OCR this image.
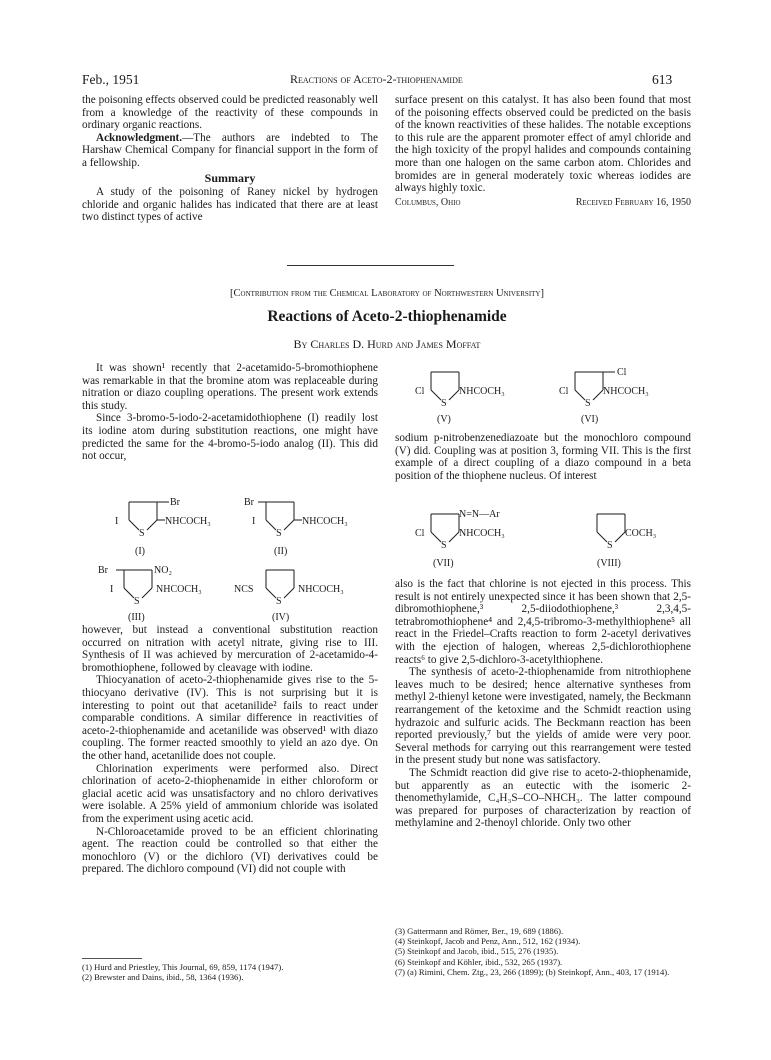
Feb., 1951	Reactions of Aceto-2-thiophenamide	613

the poisoning effects observed could be predicted reasonably well from a knowledge of the reactivity of these compounds in ordinary organic reactions.

Acknowledgment.—The authors are indebted to The Harshaw Chemical Company for financial support in the form of a fellowship.

Summary

A study of the poisoning of Raney nickel by hydrogen chloride and organic halides has indicated that there are at least two distinct types of active

surface present on this catalyst. It has also been found that most of the poisoning effects observed could be predicted on the basis of the known reactivities of these halides. The notable exceptions to this rule are the apparent promoter effect of amyl chloride and the high toxicity of the propyl halides and compounds containing more than one halogen on the same carbon atom. Chlorides and bromides are in general moderately toxic whereas iodides are always highly toxic.

Columbus, Ohio	Received February 16, 1950
[Contribution from the Chemical Laboratory of Northwestern University]
Reactions of Aceto-2-thiophenamide
By Charles D. Hurd and James Moffat

It was shown¹ recently that 2-acetamido-5-bromothiophene was remarkable in that the bromine atom was replaceable during nitration or diazo coupling operations. The present work extends this study.

Since 3-bromo-5-iodo-2-acetamidothiophene (I) readily lost its iodine atom during substitution reactions, one might have predicted the same for the 4-bromo-5-iodo analog (II). This did not occur,

S
Br
I	NHCOCH₃
(I)
S
Br
I	NHCOCH₃
(II)
S
NO₂
Br
I	NHCOCH₃
(III)
S
NCS	NHCOCH₃
(IV)

however, but instead a conventional substitution reaction occurred on nitration with acetyl nitrate, giving rise to III. Synthesis of II was achieved by mercuration of 2-acetamido-4-bromothiophene, followed by cleavage with iodine.

Thiocyanation of aceto-2-thiophenamide gives rise to the 5-thiocyano derivative (IV). This is not surprising but it is interesting to point out that acetanilide² fails to react under comparable conditions. A similar difference in reactivities of aceto-2-thiophenamide and acetanilide was observed¹ with diazo coupling. The former reacted smoothly to yield an azo dye. On the other hand, acetanilide does not couple.

Chlorination experiments were performed also. Direct chlorination of aceto-2-thiophenamide in either chloroform or glacial acetic acid was unsatisfactory and no chloro derivatives were isolable. A 25% yield of ammonium chloride was isolated from the experiment using acetic acid.

N-Chloroacetamide proved to be an efficient chlorinating agent. The reaction could be controlled so that either the monochloro (V) or the dichloro (VI) derivatives could be prepared. The dichloro compound (VI) did not couple with

(1) Hurd and Priestley, This Journal, 69, 859, 1174 (1947).
(2) Brewster and Dains, ibid., 58, 1364 (1936).
S
Cl	NHCOCH₃
(V)
S
Cl
Cl	NHCOCH₃
(VI)

sodium p-nitrobenzenediazoate but the monochloro compound (V) did. Coupling was at position 3, forming VII. This is the first example of a direct coupling of a diazo compound in a beta position of the thiophene nucleus. Of interest

S
N=N—Ar
Cl	NHCOCH₃
(VII)
S
COCH₃
(VIII)

also is the fact that chlorine is not ejected in this process. This result is not entirely unexpected since it has been shown that 2,5-dibromothiophene,³ 2,5-diiodothiophene,³ 2,3,4,5-tetrabromothiophene⁴ and 2,4,5-tribromo-3-methylthiophene⁵ all react in the Friedel–Crafts reaction to form 2-acetyl derivatives with the ejection of halogen, whereas 2,5-dichlorothiophene reacts⁶ to give 2,5-dichloro-3-acetylthiophene.

The synthesis of aceto-2-thiophenamide from nitrothiophene leaves much to be desired; hence alternative syntheses from methyl 2-thienyl ketone were investigated, namely, the Beckmann rearrangement of the ketoxime and the Schmidt reaction using hydrazoic and sulfuric acids. The Beckmann reaction has been reported previously,⁷ but the yields of amide were very poor. Several methods for carrying out this rearrangement were tested in the present study but none was satisfactory.

The Schmidt reaction did give rise to aceto-2-thiophenamide, but apparently as an eutectic with the isomeric 2-thenomethylamide, C₄H₃S–CO–NHCH₃. The latter compound was prepared for purposes of characterization by reaction of methylamine and 2-thenoyl chloride. Only two other

(3) Gattermann and Römer, Ber., 19, 689 (1886).
(4) Steinkopf, Jacob and Penz, Ann., 512, 162 (1934).
(5) Steinkopf and Jacob, ibid., 515, 276 (1935).
(6) Steinkopf and Köhler, ibid., 532, 265 (1937).
(7) (a) Rimini, Chem. Ztg., 23, 266 (1899); (b) Steinkopf, Ann., 403, 17 (1914).
